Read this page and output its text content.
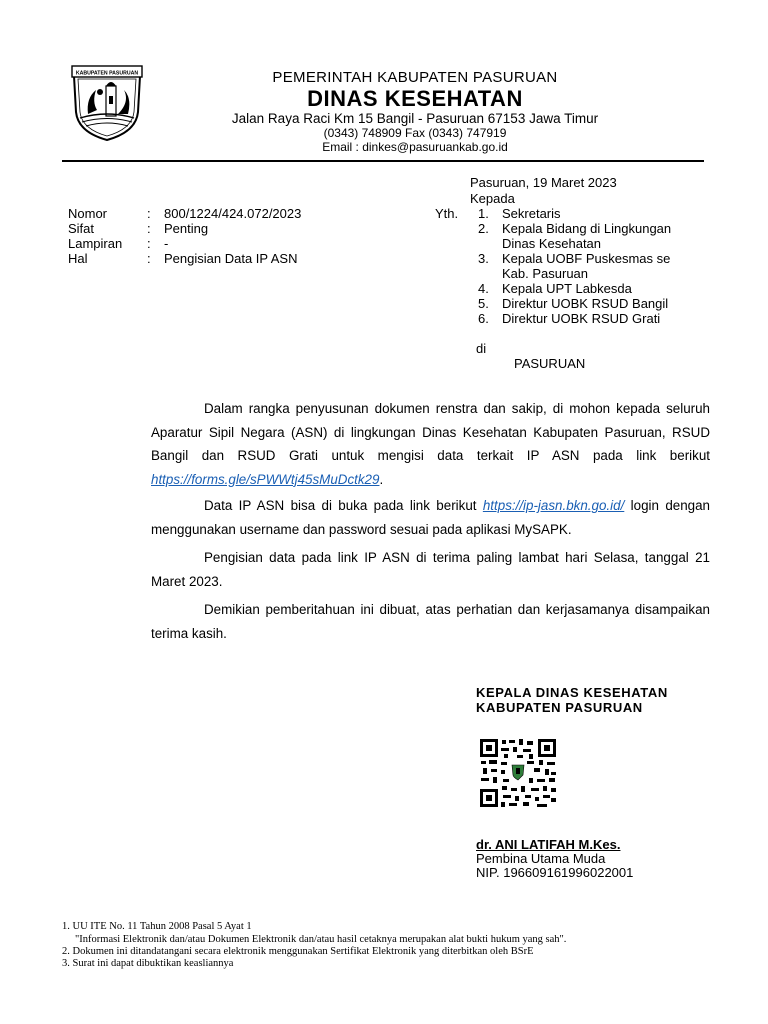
KABUPATEN PASURUAN	PEMERINTAH KABUPATEN PASURUAN
DINAS KESEHATAN
Jalan Raya Raci Km 15 Bangil - Pasuruan 67153 Jawa Timur
(0343) 748909 Fax (0343) 747919
Email : dinkes@pasuruankab.go.id
Nomor	: 800/1224/424.072/2023
Sifat	: Penting
Lampiran	: -
Hal	: Pengisian Data IP ASN
Pasuruan, 19 Maret 2023
Kepada
Yth. 1. Sekretaris
2. Kepala Bidang di Lingkungan
Dinas Kesehatan
3. Kepala UOBF Puskesmas se
Kab. Pasuruan
4. Kepala UPT Labkesda
5. Direktur UOBK RSUD Bangil
6. Direktur UOBK RSUD Grati
di
PASURUAN
Dalam rangka penyusunan dokumen renstra dan sakip, di mohon kepada seluruh Aparatur Sipil Negara (ASN) di lingkungan Dinas Kesehatan Kabupaten Pasuruan, RSUD Bangil dan RSUD Grati untuk mengisi data terkait IP ASN pada link berikut https://forms.gle/sPWWtj45sMuDctk29.
Data IP ASN bisa di buka pada link berikut https://ip-jasn.bkn.go.id/ login dengan menggunakan username dan password sesuai pada aplikasi MySAPK.
Pengisian data pada link IP ASN di terima paling lambat hari Selasa, tanggal 21 Maret 2023.
Demikian pemberitahuan ini dibuat, atas perhatian dan kerjasamanya disampaikan terima kasih.
KEPALA DINAS KESEHATAN
KABUPATEN PASURUAN
dr. ANI LATIFAH M.Kes.
Pembina Utama Muda
NIP. 196609161996022001
1. UU ITE No. 11 Tahun 2008 Pasal 5 Ayat 1
"Informasi Elektronik dan/atau Dokumen Elektronik dan/atau hasil cetaknya merupakan alat bukti hukum yang sah".
2. Dokumen ini ditandatangani secara elektronik menggunakan Sertifikat Elektronik yang diterbitkan oleh BSrE
3. Surat ini dapat dibuktikan keasliannya
